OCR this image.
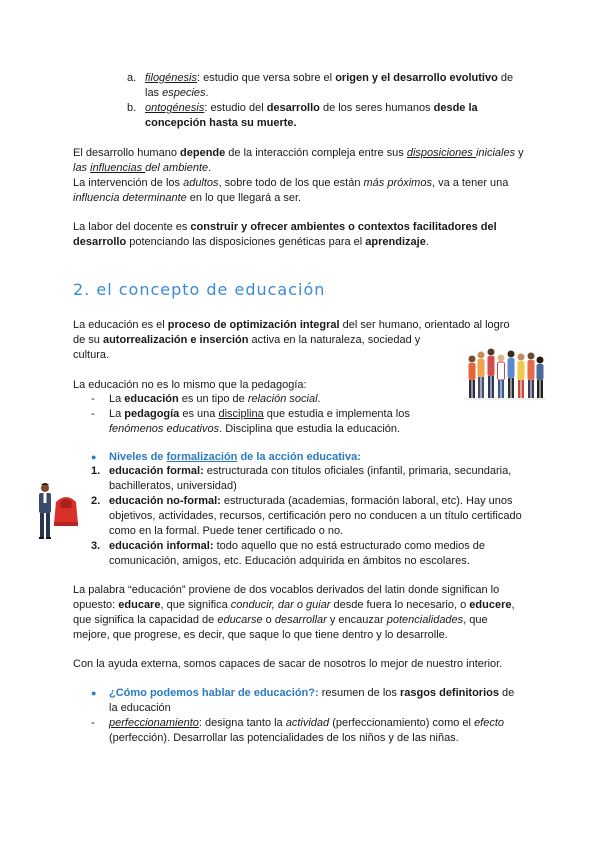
a. filogénesis: estudio que versa sobre el origen y el desarrollo evolutivo de
las especies.
b. ontogénesis: estudio del desarrollo de los seres humanos desde la
concepción hasta su muerte.
El desarrollo humano depende de la interacción compleja entre sus disposiciones iniciales y
las influencias del ambiente.
La intervención de los adultos, sobre todo de los que están más próximos, va a tener una
influencia determinante en lo que llegará a ser.
La labor del docente es construir y ofrecer ambientes o contextos facilitadores del
desarrollo potenciando las disposiciones genéticas para el aprendizaje.
2. el concepto de educación
La educación es el proceso de optimización integral del ser humano, orientado al logro
de su autorrealización e inserción activa en la naturaleza, sociedad y
cultura.
La educación no es lo mismo que la pedagogía:
- La educación es un tipo de relación social.
- La pedagogía es una disciplina que estudia e implementa los
fenómenos educativos. Disciplina que estudia la educación.
● Niveles de formalización de la acción educativa:
1. educación formal: estructurada con títulos oficiales (infantil, primaria, secundaria,
bachilleratos, universidad)
2. educación no-formal: estructurada (academias, formación laboral, etc). Hay unos
objetivos, actividades, recursos, certificación pero no conducen a un título certificado
como en la formal. Puede tener certificado o no.
3. educación informal: todo aquello que no está estructurado como medios de
comunicación, amigos, etc. Educación adquirida en ámbitos no escolares.
La palabra “educación” proviene de dos vocablos derivados del latin donde significan lo
opuesto: educare, que significa conducir, dar o guiar desde fuera lo necesario, o educere,
que significa la capacidad de educarse o desarrollar y encauzar potencialidades, que
mejore, que progrese, es decir, que saque lo que tiene dentro y lo desarrolle.
Con la ayuda externa, somos capaces de sacar de nosotros lo mejor de nuestro interior.
● ¿Cómo podemos hablar de educación?: resumen de los rasgos definitorios de
la educación
- perfeccionamiento: designa tanto la actividad (perfeccionamiento) como el efecto
(perfección). Desarrollar las potencialidades de los niños y de las niñas.
